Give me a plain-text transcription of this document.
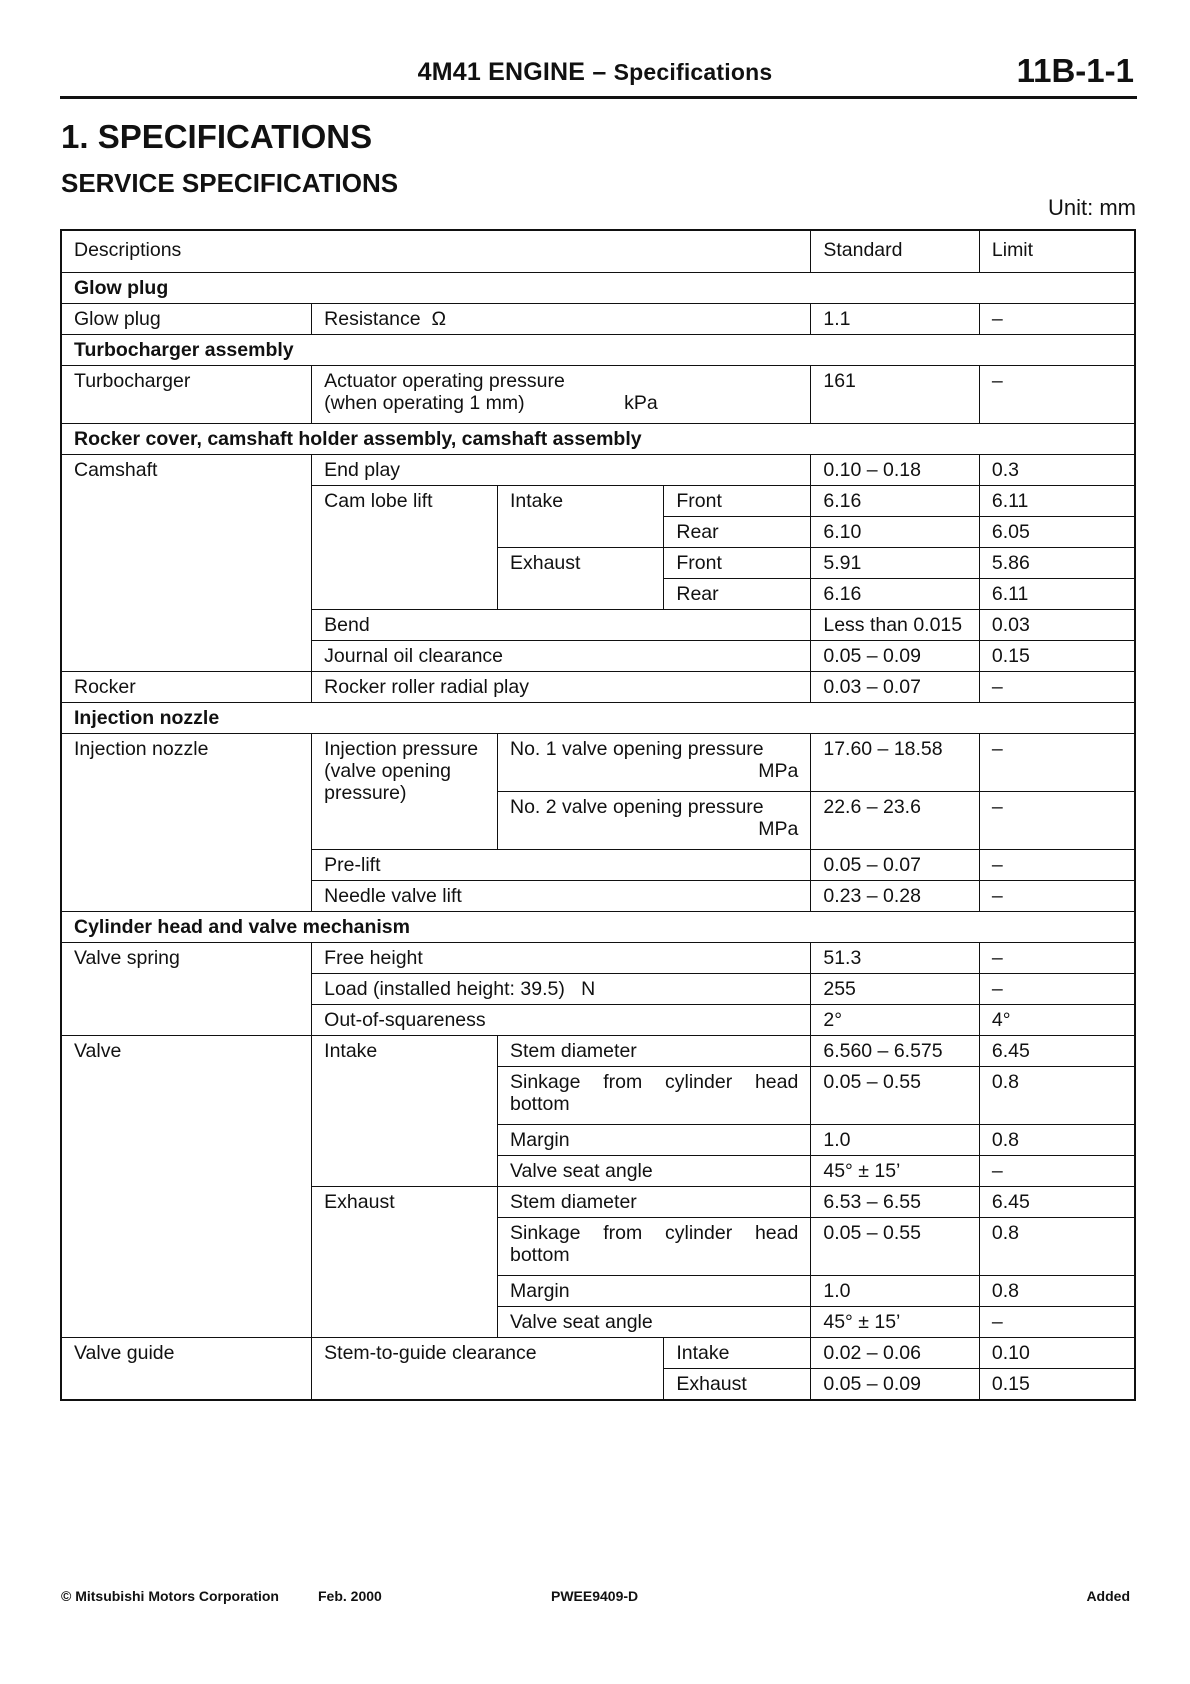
4M41 ENGINE – Specifications	11B-1-1
1. SPECIFICATIONS
SERVICE SPECIFICATIONS
Unit: mm
Descriptions				Standard	Limit
Glow plug					
Glow plug	Resistance Ω			1.1	–
Turbocharger assembly					
Turbocharger	Actuator operating pressure
(when operating 1 mm) kPa			161	–
Rocker cover, camshaft holder assembly, camshaft assembly					
Camshaft	End play			0.10 – 0.18	0.3
	Cam lobe lift	Intake	Front	6.16	6.11
			Rear	6.10	6.05
		Exhaust	Front	5.91	5.86
			Rear	6.16	6.11
	Bend			Less than 0.015	0.03
	Journal oil clearance			0.05 – 0.09	0.15
Rocker	Rocker roller radial play			0.03 – 0.07	–
Injection nozzle					
Injection nozzle	Injection pressure (valve opening pressure)	No. 1 valve opening pressure
MPa		17.60 – 18.58	–

		No. 2 valve opening pressure
MPa		22.6 – 23.6	–
	Pre-lift			0.05 – 0.07	–
	Needle valve lift			0.23 – 0.28	–
Cylinder head and valve mechanism					
Valve spring	Free height			51.3	–
	Load (installed height: 39.5) N			255	–
	Out-of-squareness			2°	4°
Valve	Intake	Stem diameter		6.560 – 6.575	6.45
		Sinkage from cylinder head bottom		0.05 – 0.55	0.8
		Margin		1.0	0.8
		Valve seat angle		45° ± 15’	–
	Exhaust	Stem diameter		6.53 – 6.55	6.45
		Sinkage from cylinder head bottom		0.05 – 0.55	0.8
		Margin		1.0	0.8
		Valve seat angle		45° ± 15’	–
Valve guide	Stem-to-guide clearance		Intake	0.02 – 0.06	0.10
			Exhaust	0.05 – 0.09	0.15
© Mitsubishi Motors Corporation	Feb. 2000	PWEE9409-D	Added
